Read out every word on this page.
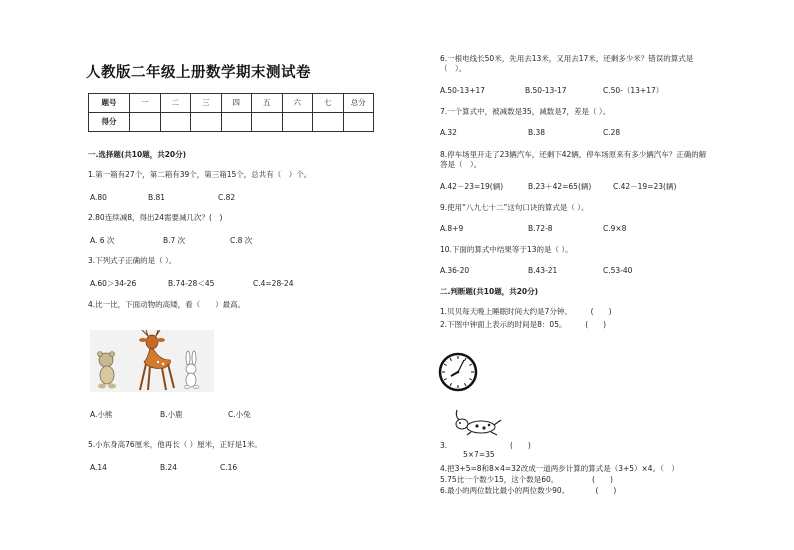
人教版二年级上册数学期末测试卷
题号	一	二	三	四	五	六	七	总分
得分								
一.选择题(共10题，共20分)
1.第一箱有27个，第二箱有39个，第三箱15个，总共有（　）个。
A.80	B.81	C.82
2.80连续减8，得出24需要减几次？(　)
A. 6 次	B.7 次	C.8 次
3.下列式子正确的是（ ）。
A.60＞34-26	B.74-28＜45	C.4=28-24
4.比一比，下面动物的高矮，看（　　）最高。
A.小熊	B.小鹿	C.小兔
5.小东身高76厘米，他再长（ ）厘米，正好是1米。
A.14	B.24	C.16
6.一根电线长50米，先用去13米，又用去17米，还剩多少米？错误的算式是
（　）。
A.50-13+17	B.50-13-17	C.50-（13+17）
7.一个算式中，被减数是35，减数是7，差是（ ）。
A.32	B.38	C.28
8.停车场里开走了23辆汽车，还剩下42辆，停车场原来有多少辆汽车？正确的解
答是（　）。
A.42－23=19(辆)	B.23＋42=65(辆)	C.42－19=23(辆)
9.使用“八九七十二”这句口诀的算式是（ ）。
A.8+9	B.72-8	C.9×8
10.下面的算式中结果等于13的是（ ）。
A.36-20	B.43-21	C.53-40
二.判断题(共10题，共20分)
1.贝贝每天晚上睡眠时间大约是7分钟。　　　(　　)
2.下图中钟面上表示的时间是8：05。　　　(　　)
3.	(　　)
5×7=35
4.把3+5=8和8×4=32改成一道两步计算的算式是（3+5）×4。（　）
5.75比一个数少15，这个数是60。　　　　　(　　)
6.最小的两位数比最小的两位数少90。　　　　(　　)
